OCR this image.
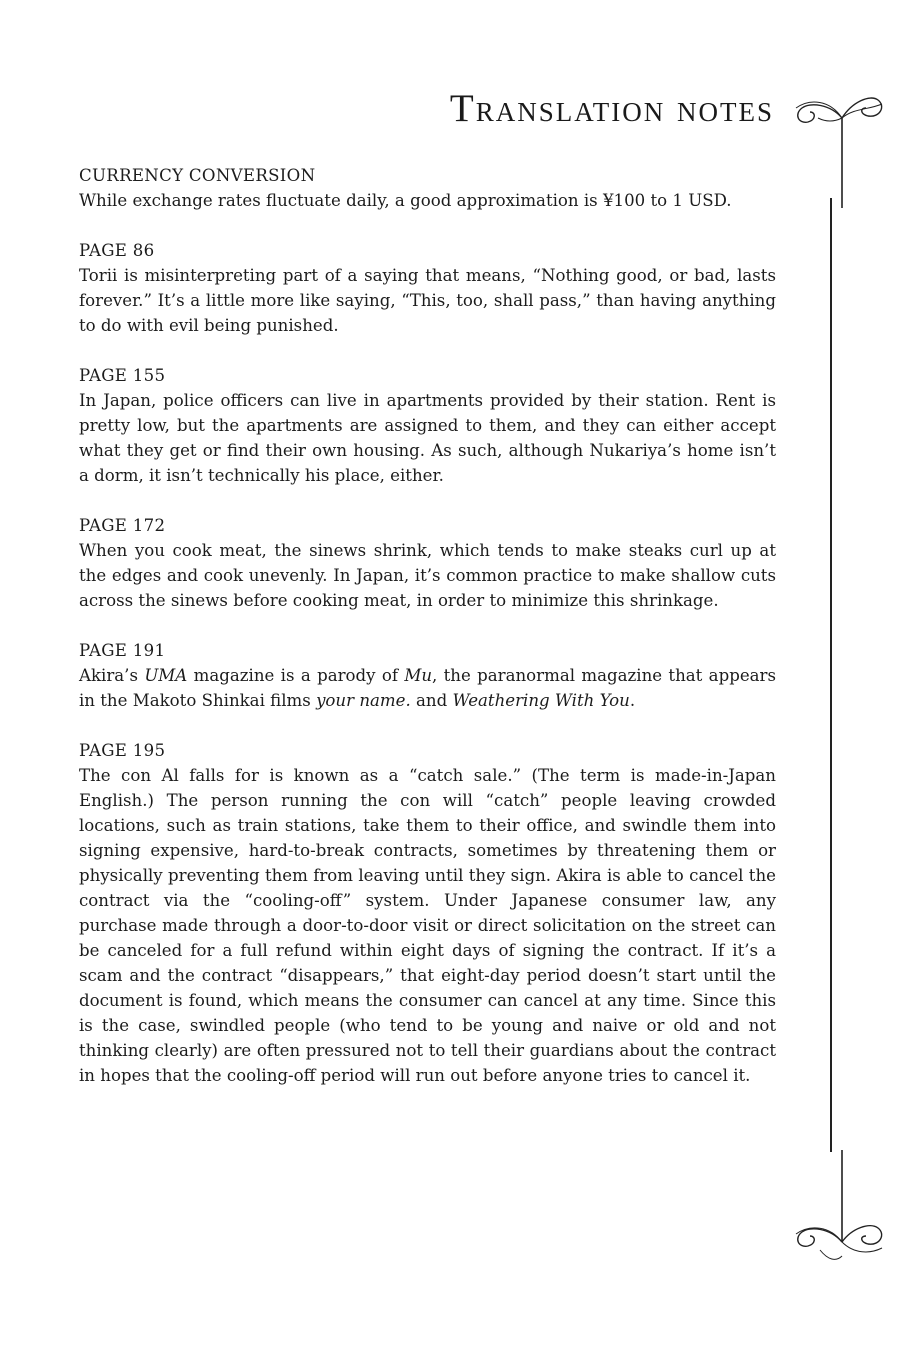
Translation notes
CURRENCY CONVERSION
While exchange rates fluctuate daily, a good approximation is ¥100 to 1 USD.
PAGE 86
Torii is misinterpreting part of a saying that means, “Nothing good, or bad, lasts forever.” It’s a little more like saying, “This, too, shall pass,” than having anything to do with evil being punished.
PAGE 155
In Japan, police officers can live in apartments provided by their station. Rent is pretty low, but the apartments are assigned to them, and they can either accept what they get or find their own housing. As such, although Nukariya’s home isn’t a dorm, it isn’t technically his place, either.
PAGE 172
When you cook meat, the sinews shrink, which tends to make steaks curl up at the edges and cook unevenly. In Japan, it’s common practice to make shallow cuts across the sinews before cooking meat, in order to minimize this shrinkage.
PAGE 191
Akira’s UMA magazine is a parody of Mu, the paranormal magazine that appears in the Makoto Shinkai films your name. and Weathering With You.
PAGE 195
The con Al falls for is known as a “catch sale.” (The term is made-in-Japan English.) The person running the con will “catch” people leaving crowded locations, such as train stations, take them to their office, and swindle them into signing expensive, hard-to-break contracts, sometimes by threatening them or physically preventing them from leaving until they sign. Akira is able to cancel the contract via the “cooling-off” system. Under Japanese consumer law, any purchase made through a door-to-door visit or direct solicitation on the street can be canceled for a full refund within eight days of signing the contract. If it’s a scam and the contract “disappears,” that eight-day period doesn’t start until the document is found, which means the consumer can cancel at any time. Since this is the case, swindled people (who tend to be young and naive or old and not thinking clearly) are often pressured not to tell their guardians about the contract in hopes that the cooling-off period will run out before anyone tries to cancel it.
